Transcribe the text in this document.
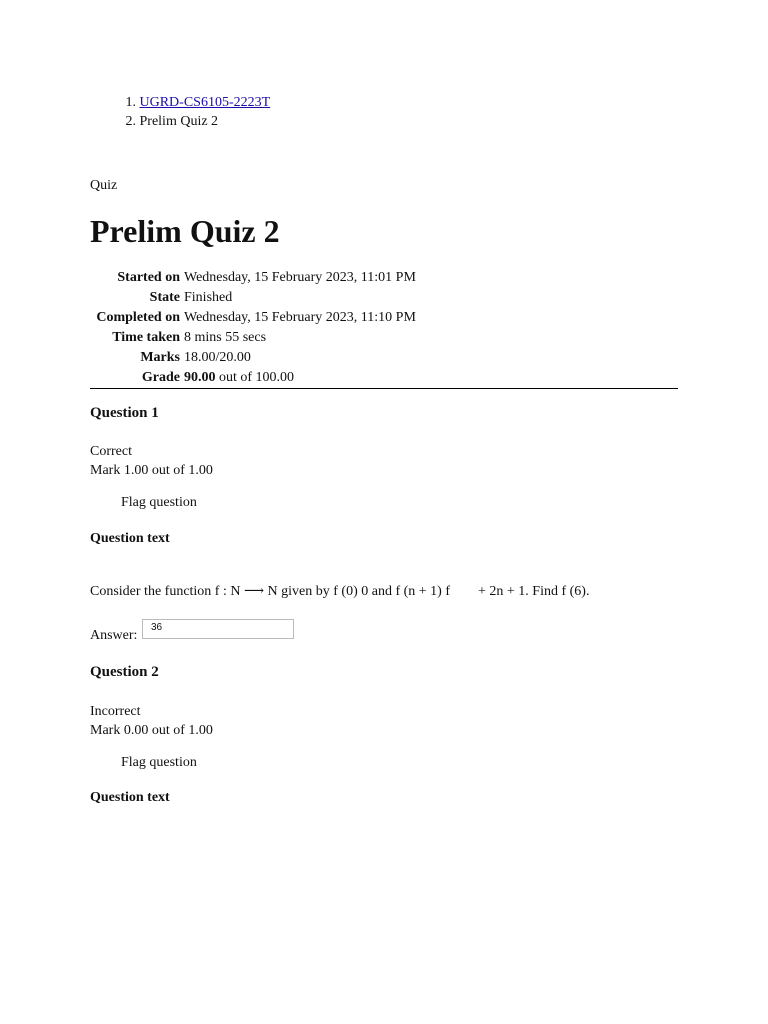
1. UGRD-CS6105-2223T
2. Prelim Quiz 2
Quiz
Prelim Quiz 2
Started on	Wednesday, 15 February 2023, 11:01 PM
State	Finished
Completed on	Wednesday, 15 February 2023, 11:10 PM
Time taken	8 mins 55 secs
Marks	18.00/20.00
Grade	90.00 out of 100.00
Question 1
Correct
Mark 1.00 out of 1.00
Flag question
Question text
Consider the function f : N ⟶ N given by f (0) 0 and f (n + 1) f + 2n + 1. Find f (6).
Answer:
36
Question 2
Incorrect
Mark 0.00 out of 1.00
Flag question
Question text
